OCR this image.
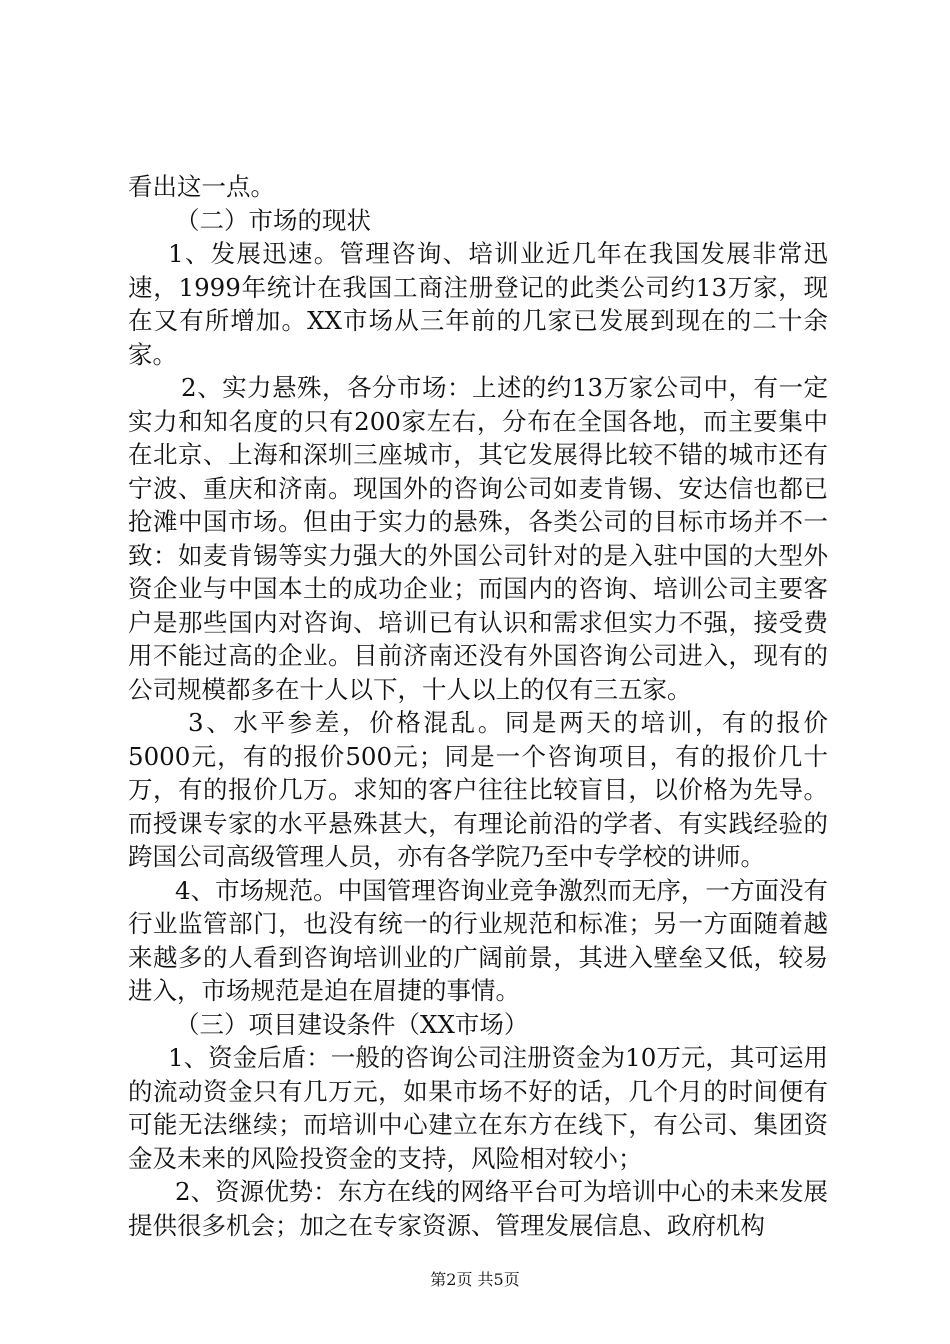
看出这一点。

（二）市场的现状

1、发展迅速。管理咨询、培训业近几年在我国发展非常迅速，1999年统计在我国工商注册登记的此类公司约13万家，现在又有所增加。XX市场从三年前的几家已发展到现在的二十余家。

2、实力悬殊，各分市场：上述的约13万家公司中，有一定实力和知名度的只有200家左右，分布在全国各地，而主要集中在北京、上海和深圳三座城市，其它发展得比较不错的城市还有宁波、重庆和济南。现国外的咨询公司如麦肯锡、安达信也都已抢滩中国市场。但由于实力的悬殊，各类公司的目标市场并不一致：如麦肯锡等实力强大的外国公司针对的是入驻中国的大型外资企业与中国本土的成功企业；而国内的咨询、培训公司主要客户是那些国内对咨询、培训已有认识和需求但实力不强，接受费用不能过高的企业。目前济南还没有外国咨询公司进入，现有的公司规模都多在十人以下，十人以上的仅有三五家。

3、水平参差，价格混乱。同是两天的培训，有的报价5000元，有的报价500元；同是一个咨询项目，有的报价几十万，有的报价几万。求知的客户往往比较盲目，以价格为先导。而授课专家的水平悬殊甚大，有理论前沿的学者、有实践经验的跨国公司高级管理人员，亦有各学院乃至中专学校的讲师。

4、市场规范。中国管理咨询业竞争激烈而无序，一方面没有行业监管部门，也没有统一的行业规范和标准；另一方面随着越来越多的人看到咨询培训业的广阔前景，其进入壁垒又低，较易进入，市场规范是迫在眉捷的事情。

（三）项目建设条件（XX市场）

1、资金后盾：一般的咨询公司注册资金为10万元，其可运用的流动资金只有几万元，如果市场不好的话，几个月的时间便有可能无法继续；而培训中心建立在东方在线下，有公司、集团资金及未来的风险投资金的支持，风险相对较小；

2、资源优势：东方在线的网络平台可为培训中心的未来发展提供很多机会；加之在专家资源、管理发展信息、政府机构

第2页 共5页
